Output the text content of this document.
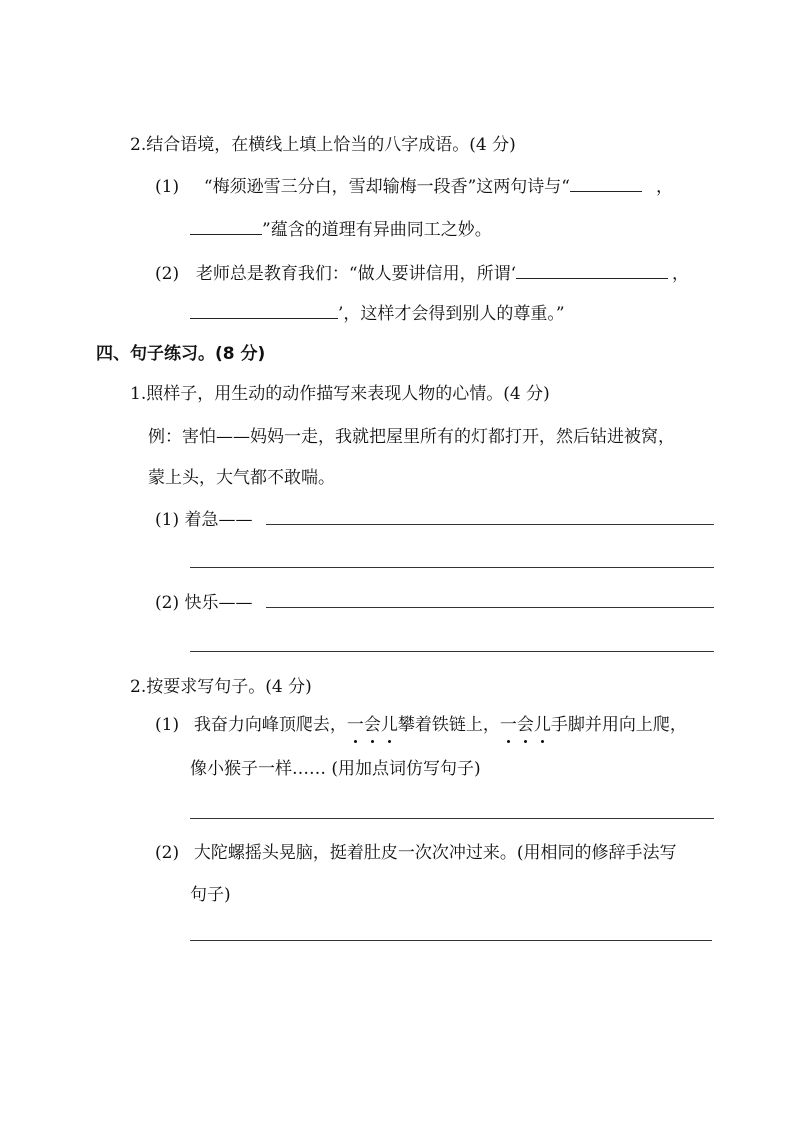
2.结合语境，在横线上填上恰当的八字成语。(4 分)
(1) “梅须逊雪三分白，雪却输梅一段香”这两句诗与“	，
”蕴含的道理有异曲同工之妙。
(2) 老师总是教育我们：“做人要讲信用，所谓‘	，
’，这样才会得到别人的尊重。”
四、句子练习。(8 分)
1.照样子，用生动的动作描写来表现人物的心情。(4 分)
例：害怕——妈妈一走，我就把屋里所有的灯都打开，然后钻进被窝，
蒙上头，大气都不敢喘。
(1) 着急——
(2) 快乐——
2.按要求写句子。(4 分)
(1) 我奋力向峰顶爬去，一会儿攀着铁链上，一会儿手脚并用向上爬，
像小猴子一样…… (用加点词仿写句子)
(2) 大陀螺摇头晃脑，挺着肚皮一次次冲过来。(用相同的修辞手法写
句子)
